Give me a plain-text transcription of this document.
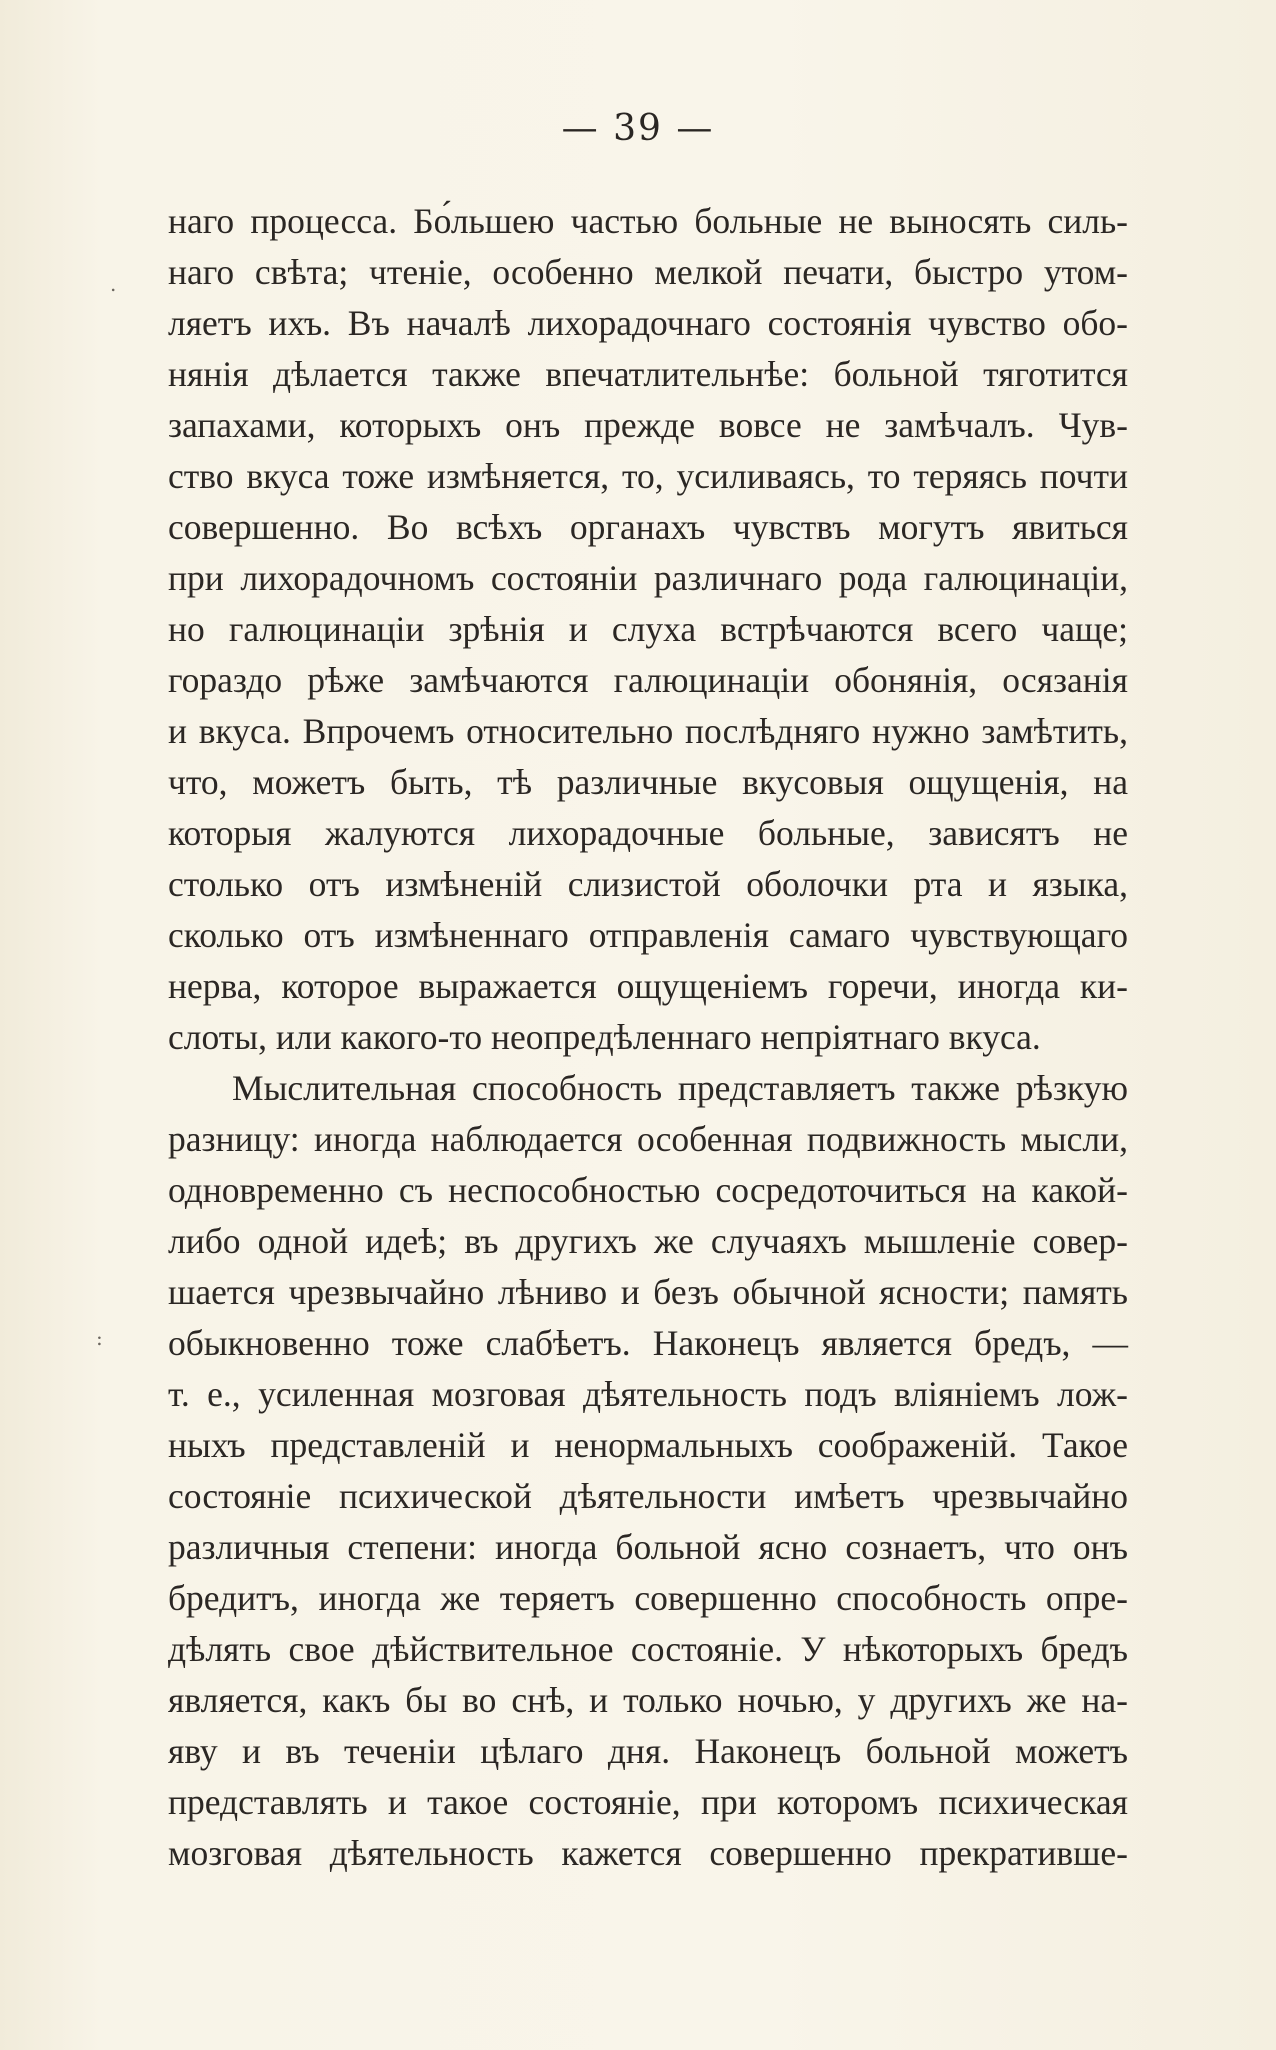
— 39 —
.
:
наго процесса. Бо́льшею частью больные не выносять силь-
наго свѣта; чтеніе, особенно мелкой печати, быстро утом-
ляетъ ихъ. Въ началѣ лихорадочнаго состоянія чувство обо-
нянія дѣлается также впечатлительнѣе: больной тяготится
запахами, которыхъ онъ прежде вовсе не замѣчалъ. Чув-
ство вкуса тоже измѣняется, то, усиливаясь, то теряясь почти
совершенно. Во всѣхъ органахъ чувствъ могутъ явиться
при лихорадочномъ состояніи различнаго рода галюцинаціи,
но галюцинаціи зрѣнія и слуха встрѣчаются всего чаще;
гораздо рѣже замѣчаются галюцинаціи обонянія, осязанія
и вкуса. Впрочемъ относительно послѣдняго нужно замѣтить,
что, можетъ быть, тѣ различные вкусовыя ощущенія, на
которыя жалуются лихорадочные больные, зависятъ не
столько отъ измѣненій слизистой оболочки рта и языка,
сколько отъ измѣненнаго отправленія самаго чувствующаго
нерва, которое выражается ощущеніемъ горечи, иногда ки-
слоты, или какого-то неопредѣленнаго непріятнаго вкуса.
Мыслительная способность представляетъ также рѣзкую
разницу: иногда наблюдается особенная подвижность мысли,
одновременно съ неспособностью сосредоточиться на какой-
либо одной идеѣ; въ другихъ же случаяхъ мышленіе совер-
шается чрезвычайно лѣниво и безъ обычной ясности; память
обыкновенно тоже слабѣетъ. Наконецъ является бредъ, —
т. е., усиленная мозговая дѣятельность подъ вліяніемъ лож-
ныхъ представленій и ненормальныхъ соображеній. Такое
состояніе психической дѣятельности имѣетъ чрезвычайно
различныя степени: иногда больной ясно сознаетъ, что онъ
бредитъ, иногда же теряетъ совершенно способность опре-
дѣлять свое дѣйствительное состояніе. У нѣкоторыхъ бредъ
является, какъ бы во снѣ, и только ночью, у другихъ же на-
яву и въ теченіи цѣлаго дня. Наконецъ больной можетъ
представлять и такое состояніе, при которомъ психическая
мозговая дѣятельность кажется совершенно прекративше-
